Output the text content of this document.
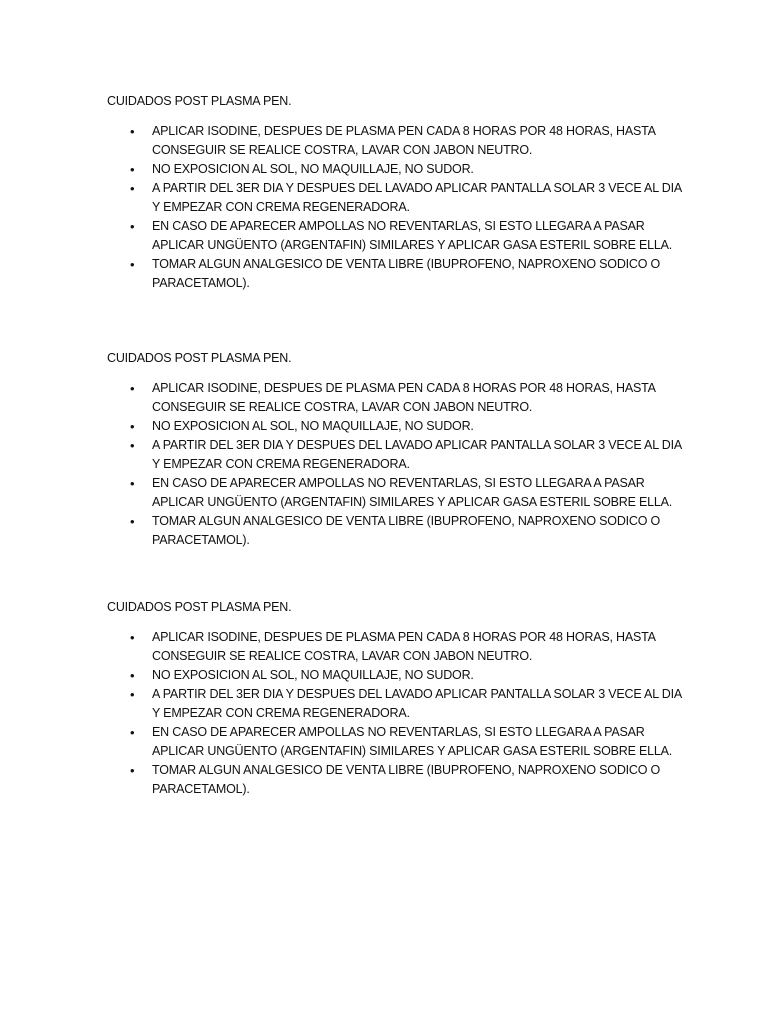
CUIDADOS POST PLASMA PEN.
• APLICAR ISODINE, DESPUES DE PLASMA PEN CADA 8 HORAS POR 48 HORAS, HASTA CONSEGUIR SE REALICE COSTRA, LAVAR CON JABON NEUTRO.
• NO EXPOSICION AL SOL, NO MAQUILLAJE, NO SUDOR.
• A PARTIR DEL 3ER DIA Y DESPUES DEL LAVADO APLICAR PANTALLA SOLAR 3 VECE AL DIA Y EMPEZAR CON CREMA REGENERADORA.
• EN CASO DE APARECER AMPOLLAS NO REVENTARLAS, SI ESTO LLEGARA A PASAR APLICAR UNGÜENTO (ARGENTAFIN) SIMILARES Y APLICAR GASA ESTERIL SOBRE ELLA.
• TOMAR ALGUN ANALGESICO DE VENTA LIBRE (IBUPROFENO, NAPROXENO SODICO O PARACETAMOL).
CUIDADOS POST PLASMA PEN.
• APLICAR ISODINE, DESPUES DE PLASMA PEN CADA 8 HORAS POR 48 HORAS, HASTA CONSEGUIR SE REALICE COSTRA, LAVAR CON JABON NEUTRO.
• NO EXPOSICION AL SOL, NO MAQUILLAJE, NO SUDOR.
• A PARTIR DEL 3ER DIA Y DESPUES DEL LAVADO APLICAR PANTALLA SOLAR 3 VECE AL DIA Y EMPEZAR CON CREMA REGENERADORA.
• EN CASO DE APARECER AMPOLLAS NO REVENTARLAS, SI ESTO LLEGARA A PASAR APLICAR UNGÜENTO (ARGENTAFIN) SIMILARES Y APLICAR GASA ESTERIL SOBRE ELLA.
• TOMAR ALGUN ANALGESICO DE VENTA LIBRE (IBUPROFENO, NAPROXENO SODICO O PARACETAMOL).
CUIDADOS POST PLASMA PEN.
• APLICAR ISODINE, DESPUES DE PLASMA PEN CADA 8 HORAS POR 48 HORAS, HASTA CONSEGUIR SE REALICE COSTRA, LAVAR CON JABON NEUTRO.
• NO EXPOSICION AL SOL, NO MAQUILLAJE, NO SUDOR.
• A PARTIR DEL 3ER DIA Y DESPUES DEL LAVADO APLICAR PANTALLA SOLAR 3 VECE AL DIA Y EMPEZAR CON CREMA REGENERADORA.
• EN CASO DE APARECER AMPOLLAS NO REVENTARLAS, SI ESTO LLEGARA A PASAR APLICAR UNGÜENTO (ARGENTAFIN) SIMILARES Y APLICAR GASA ESTERIL SOBRE ELLA.
• TOMAR ALGUN ANALGESICO DE VENTA LIBRE (IBUPROFENO, NAPROXENO SODICO O PARACETAMOL).
